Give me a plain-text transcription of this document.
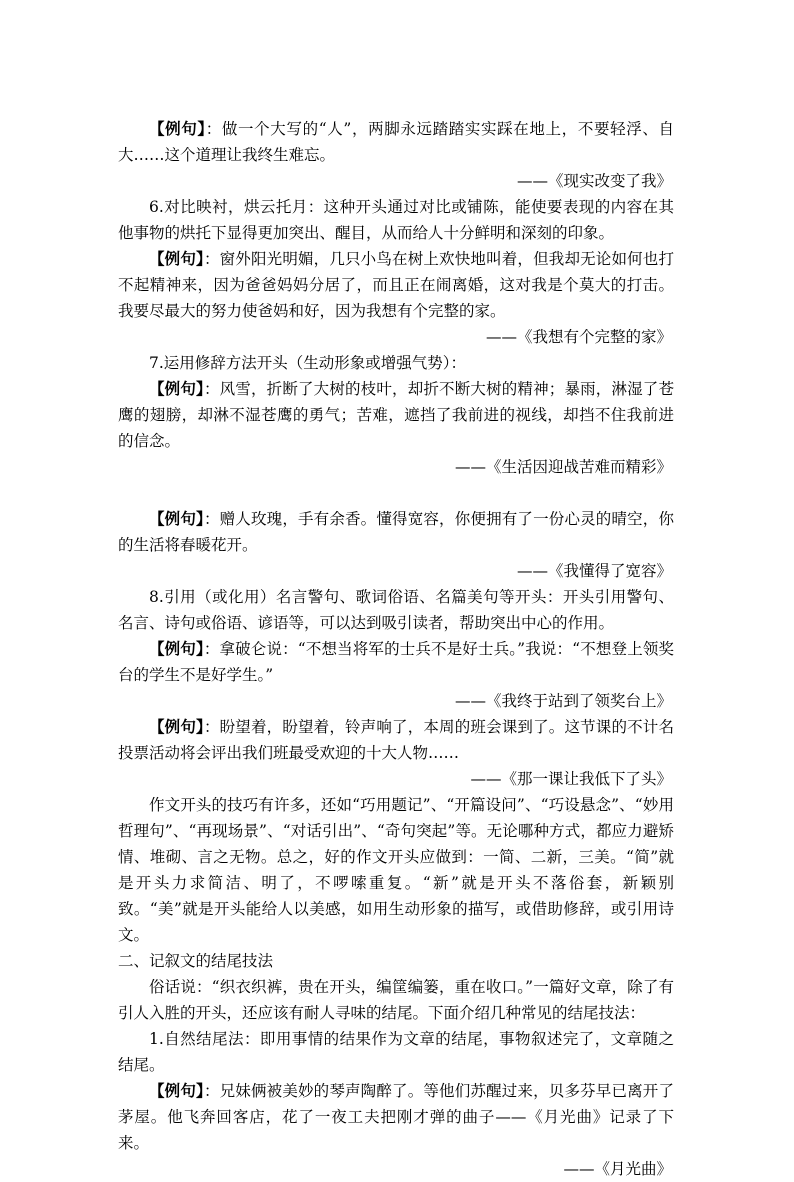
【例句】：做一个大写的“人”，两脚永远踏踏实实踩在地上，不要轻浮、自大……这个道理让我终生难忘。

——《现实改变了我》

6.对比映衬，烘云托月：这种开头通过对比或铺陈，能使要表现的内容在其他事物的烘托下显得更加突出、醒目，从而给人十分鲜明和深刻的印象。

【例句】：窗外阳光明媚，几只小鸟在树上欢快地叫着，但我却无论如何也打不起精神来，因为爸爸妈妈分居了，而且正在闹离婚，这对我是个莫大的打击。我要尽最大的努力使爸妈和好，因为我想有个完整的家。

——《我想有个完整的家》

7.运用修辞方法开头（生动形象或增强气势）：

【例句】：风雪，折断了大树的枝叶，却折不断大树的精神；暴雨，淋湿了苍鹰的翅膀，却淋不湿苍鹰的勇气；苦难，遮挡了我前进的视线，却挡不住我前进的信念。

——《生活因迎战苦难而精彩》

【例句】：赠人玫瑰，手有余香。懂得宽容，你便拥有了一份心灵的晴空，你的生活将春暖花开。

——《我懂得了宽容》

8.引用（或化用）名言警句、歌词俗语、名篇美句等开头：开头引用警句、名言、诗句或俗语、谚语等，可以达到吸引读者，帮助突出中心的作用。

【例句】：拿破仑说：“不想当将军的士兵不是好士兵。”我说：“不想登上领奖台的学生不是好学生。”

——《我终于站到了领奖台上》

【例句】：盼望着，盼望着，铃声响了，本周的班会课到了。这节课的不计名投票活动将会评出我们班最受欢迎的十大人物……

——《那一课让我低下了头》

作文开头的技巧有许多，还如“巧用题记”、“开篇设问”、“巧设悬念”、“妙用哲理句”、“再现场景”、“对话引出”、“奇句突起”等。无论哪种方式，都应力避矫情、堆砌、言之无物。总之，好的作文开头应做到：一简、二新，三美。“简”就是开头力求简洁、明了，不啰嗦重复。“新”就是开头不落俗套，新颖别致。“美”就是开头能给人以美感，如用生动形象的描写，或借助修辞，或引用诗文。

二、记叙文的结尾技法

俗话说：“织衣织裤，贵在开头，编筐编篓，重在收口。”一篇好文章，除了有引人入胜的开头，还应该有耐人寻味的结尾。下面介绍几种常见的结尾技法：

1.自然结尾法：即用事情的结果作为文章的结尾，事物叙述完了，文章随之结尾。

【例句】：兄妹俩被美妙的琴声陶醉了。等他们苏醒过来，贝多芬早已离开了茅屋。他飞奔回客店，花了一夜工夫把刚才弹的曲子——《月光曲》记录了下来。

——《月光曲》
